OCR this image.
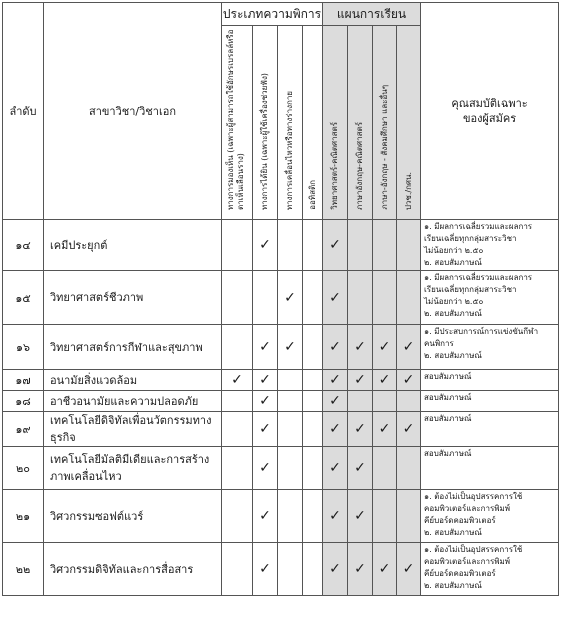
ลำดับ	สาขาวิชา/วิชาเอก	ประเภทความพิการ				แผนการเรียน				คุณสมบัติเฉพาะ
ของผู้สมัคร

		ทางการมองเห็น (เฉพาะผู้สามารถใช้อักษรเบรลล์หรือตาเห็นเลือนราง)	ทางการได้ยิน (เฉพาะผู้ใช้เครื่องช่วยฟัง)	ทางการเคลื่อนไหวหรือทางร่างกาย	ออทิสติก	วิทยาศาสตร์-คณิตศาสตร์	ภาษาอังกฤษ-คณิตศาสตร์	ภาษา-อังกฤษ - สังคมศึกษา และอื่นๆ	ปวช./กศน.	
๑๔	เคมีประยุกต์		✓			✓				๑. มีผลการเฉลี่ยรวมและผลการ
เรียนเฉลี่ยทุกกลุ่มสาระวิชา
ไม่น้อยกว่า ๒.๕๐
๒. สอบสัมภาษณ์

๑๕	วิทยาศาสตร์ชีวภาพ			✓		✓				๑. มีผลการเฉลี่ยรวมและผลการ
เรียนเฉลี่ยทุกกลุ่มสาระวิชา
ไม่น้อยกว่า ๒.๕๐
๒. สอบสัมภาษณ์

๑๖	วิทยาศาสตร์การกีฬาและสุขภาพ		✓	✓		✓	✓	✓	✓	๑. มีประสบการณ์การแข่งขันกีฬา
คนพิการ
๒. สอบสัมภาษณ์

๑๗	อนามัยสิ่งแวดล้อม	✓	✓			✓	✓	✓	✓	สอบสัมภาษณ์

๑๘	อาชีวอนามัยและความปลอดภัย		✓			✓				สอบสัมภาษณ์

๑๙	เทคโนโลยีดิจิทัลเพื่อนวัตกรรมทางธุรกิจ		✓			✓	✓	✓	✓	สอบสัมภาษณ์

๒๐	เทคโนโลยีมัลติมีเดียและการสร้าง
ภาพเคลื่อนไหว		✓			✓	✓			สอบสัมภาษณ์

๒๑	วิศวกรรมซอฟต์แวร์		✓			✓	✓			๑. ต้องไม่เป็นอุปสรรคการใช้
คอมพิวเตอร์และการพิมพ์
คีย์บอร์ดคอมพิวเตอร์
๒. สอบสัมภาษณ์

๒๒	วิศวกรรมดิจิทัลและการสื่อสาร		✓			✓	✓	✓	✓	๑. ต้องไม่เป็นอุปสรรคการใช้
คอมพิวเตอร์และการพิมพ์
คีย์บอร์ดคอมพิวเตอร์
๒. สอบสัมภาษณ์
